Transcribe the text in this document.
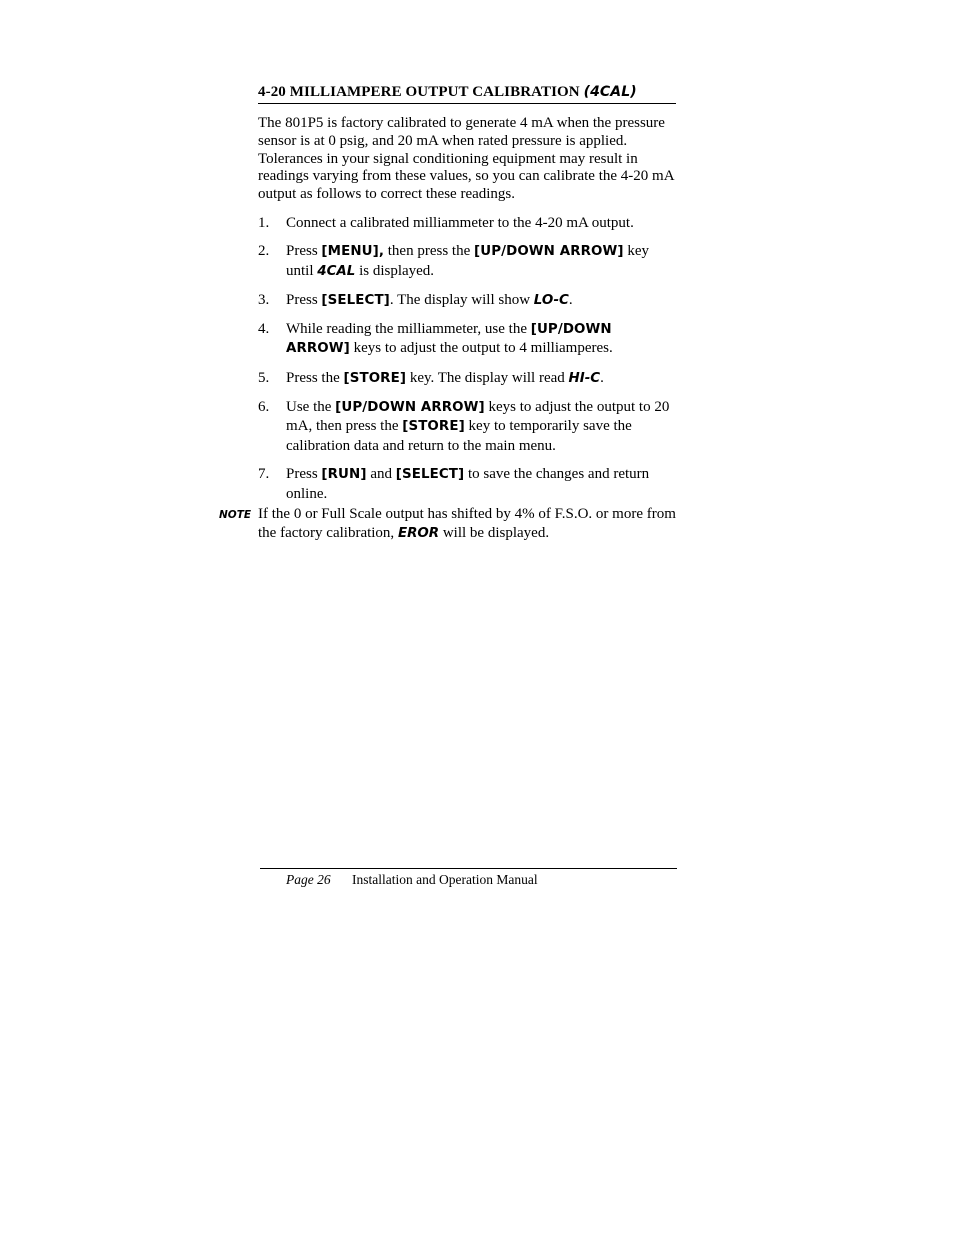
4-20 MILLIAMPERE OUTPUT CALIBRATION (4CAL)
The 801P5 is factory calibrated to generate 4 mA when the pressure sensor is at 0 psig, and 20 mA when rated pressure is applied. Tolerances in your signal conditioning equipment may result in readings varying from these values, so you can calibrate the 4-20 mA output as follows to correct these readings.
1. Connect a calibrated milliammeter to the 4-20 mA output.
2. Press [MENU], then press the [UP/DOWN ARROW] key until 4CAL is displayed.
3. Press [SELECT]. The display will show LO-C.
4. While reading the milliammeter, use the [UP/DOWN ARROW] keys to adjust the output to 4 milliamperes.
5. Press the [STORE] key. The display will read HI-C.
6. Use the [UP/DOWN ARROW] keys to adjust the output to 20 mA, then press the [STORE] key to temporarily save the calibration data and return to the main menu.
7. Press [RUN] and [SELECT] to save the changes and return online.
NOTE If the 0 or Full Scale output has shifted by 4% of F.S.O. or more from the factory calibration, EROR will be displayed.
Page 26 Installation and Operation Manual
